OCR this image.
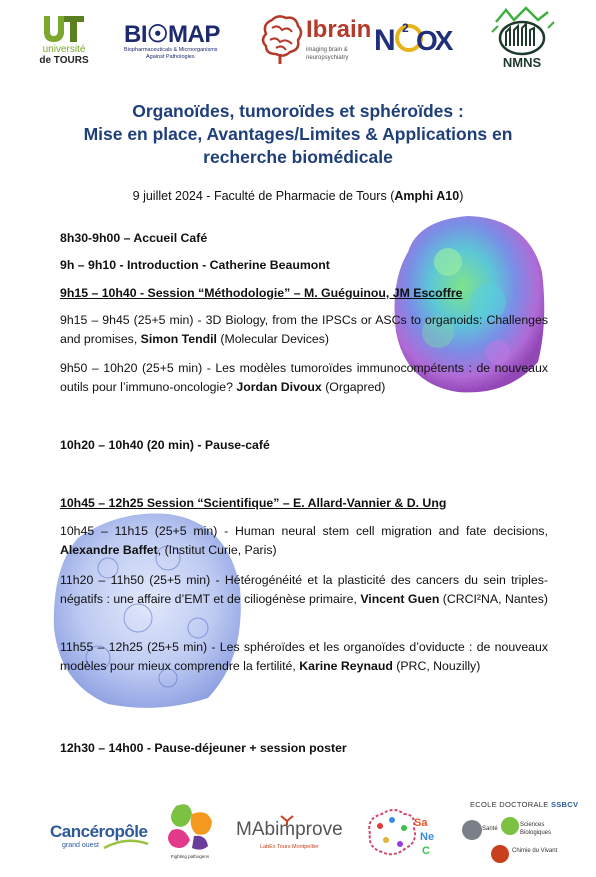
université
de TOURS
BI☉MAP
Biopharmaceuticals & Microorganisms
Against Pathologies
Ibrain
imaging brain &
neuropsychiatry
N 2 OX
NMNS
Organoïdes, tumoroïdes et sphéroïdes :
Mise en place, Avantages/Limites & Applications en
recherche biomédicale
9 juillet 2024 - Faculté de Pharmacie de Tours (Amphi A10)
8h30-9h00 – Accueil Café
9h – 9h10 - Introduction - Catherine Beaumont
9h15 – 10h40 - Session “Méthodologie” – M. Guéguinou, JM Escoffre
9h15 – 9h45 (25+5 min) - 3D Biology, from the IPSCs or ASCs to organoids: Challenges and promises, Simon Tendil (Molecular Devices)
9h50 – 10h20 (25+5 min) - Les modèles tumoroïdes immunocompétents : de nouveaux outils pour l’immuno-oncologie? Jordan Divoux (Orgapred)
10h20 – 10h40 (20 min) - Pause-café
10h45 – 12h25 Session “Scientifique” – E. Allard-Vannier & D. Ung
10h45 – 11h15 (25+5 min) - Human neural stem cell migration and fate decisions, Alexandre Baffet, (Institut Curie, Paris)
11h20 – 11h50 (25+5 min) - Hétérogénéité et la plasticité des cancers du sein triples-négatifs : une affaire d’EMT et de ciliogénèse primaire, Vincent Guen (CRCI²NA, Nantes)
11h55 – 12h25 (25+5 min) - Les sphéroïdes et les organoïdes d’oviducte : de nouveaux modèles pour mieux comprendre la fertilité, Karine Reynaud (PRC, Nouzilly)
12h30 – 14h00 - Pause-déjeuner + session poster
Cancéropôle
grand ouest
Fighting pathogens
MAbimprove
LabEx Tours Montpellier
Sa
Ne
C
ECOLE DOCTORALE SSBCV
Santé
Sciences
Biologiques
Chimie du Vivant
